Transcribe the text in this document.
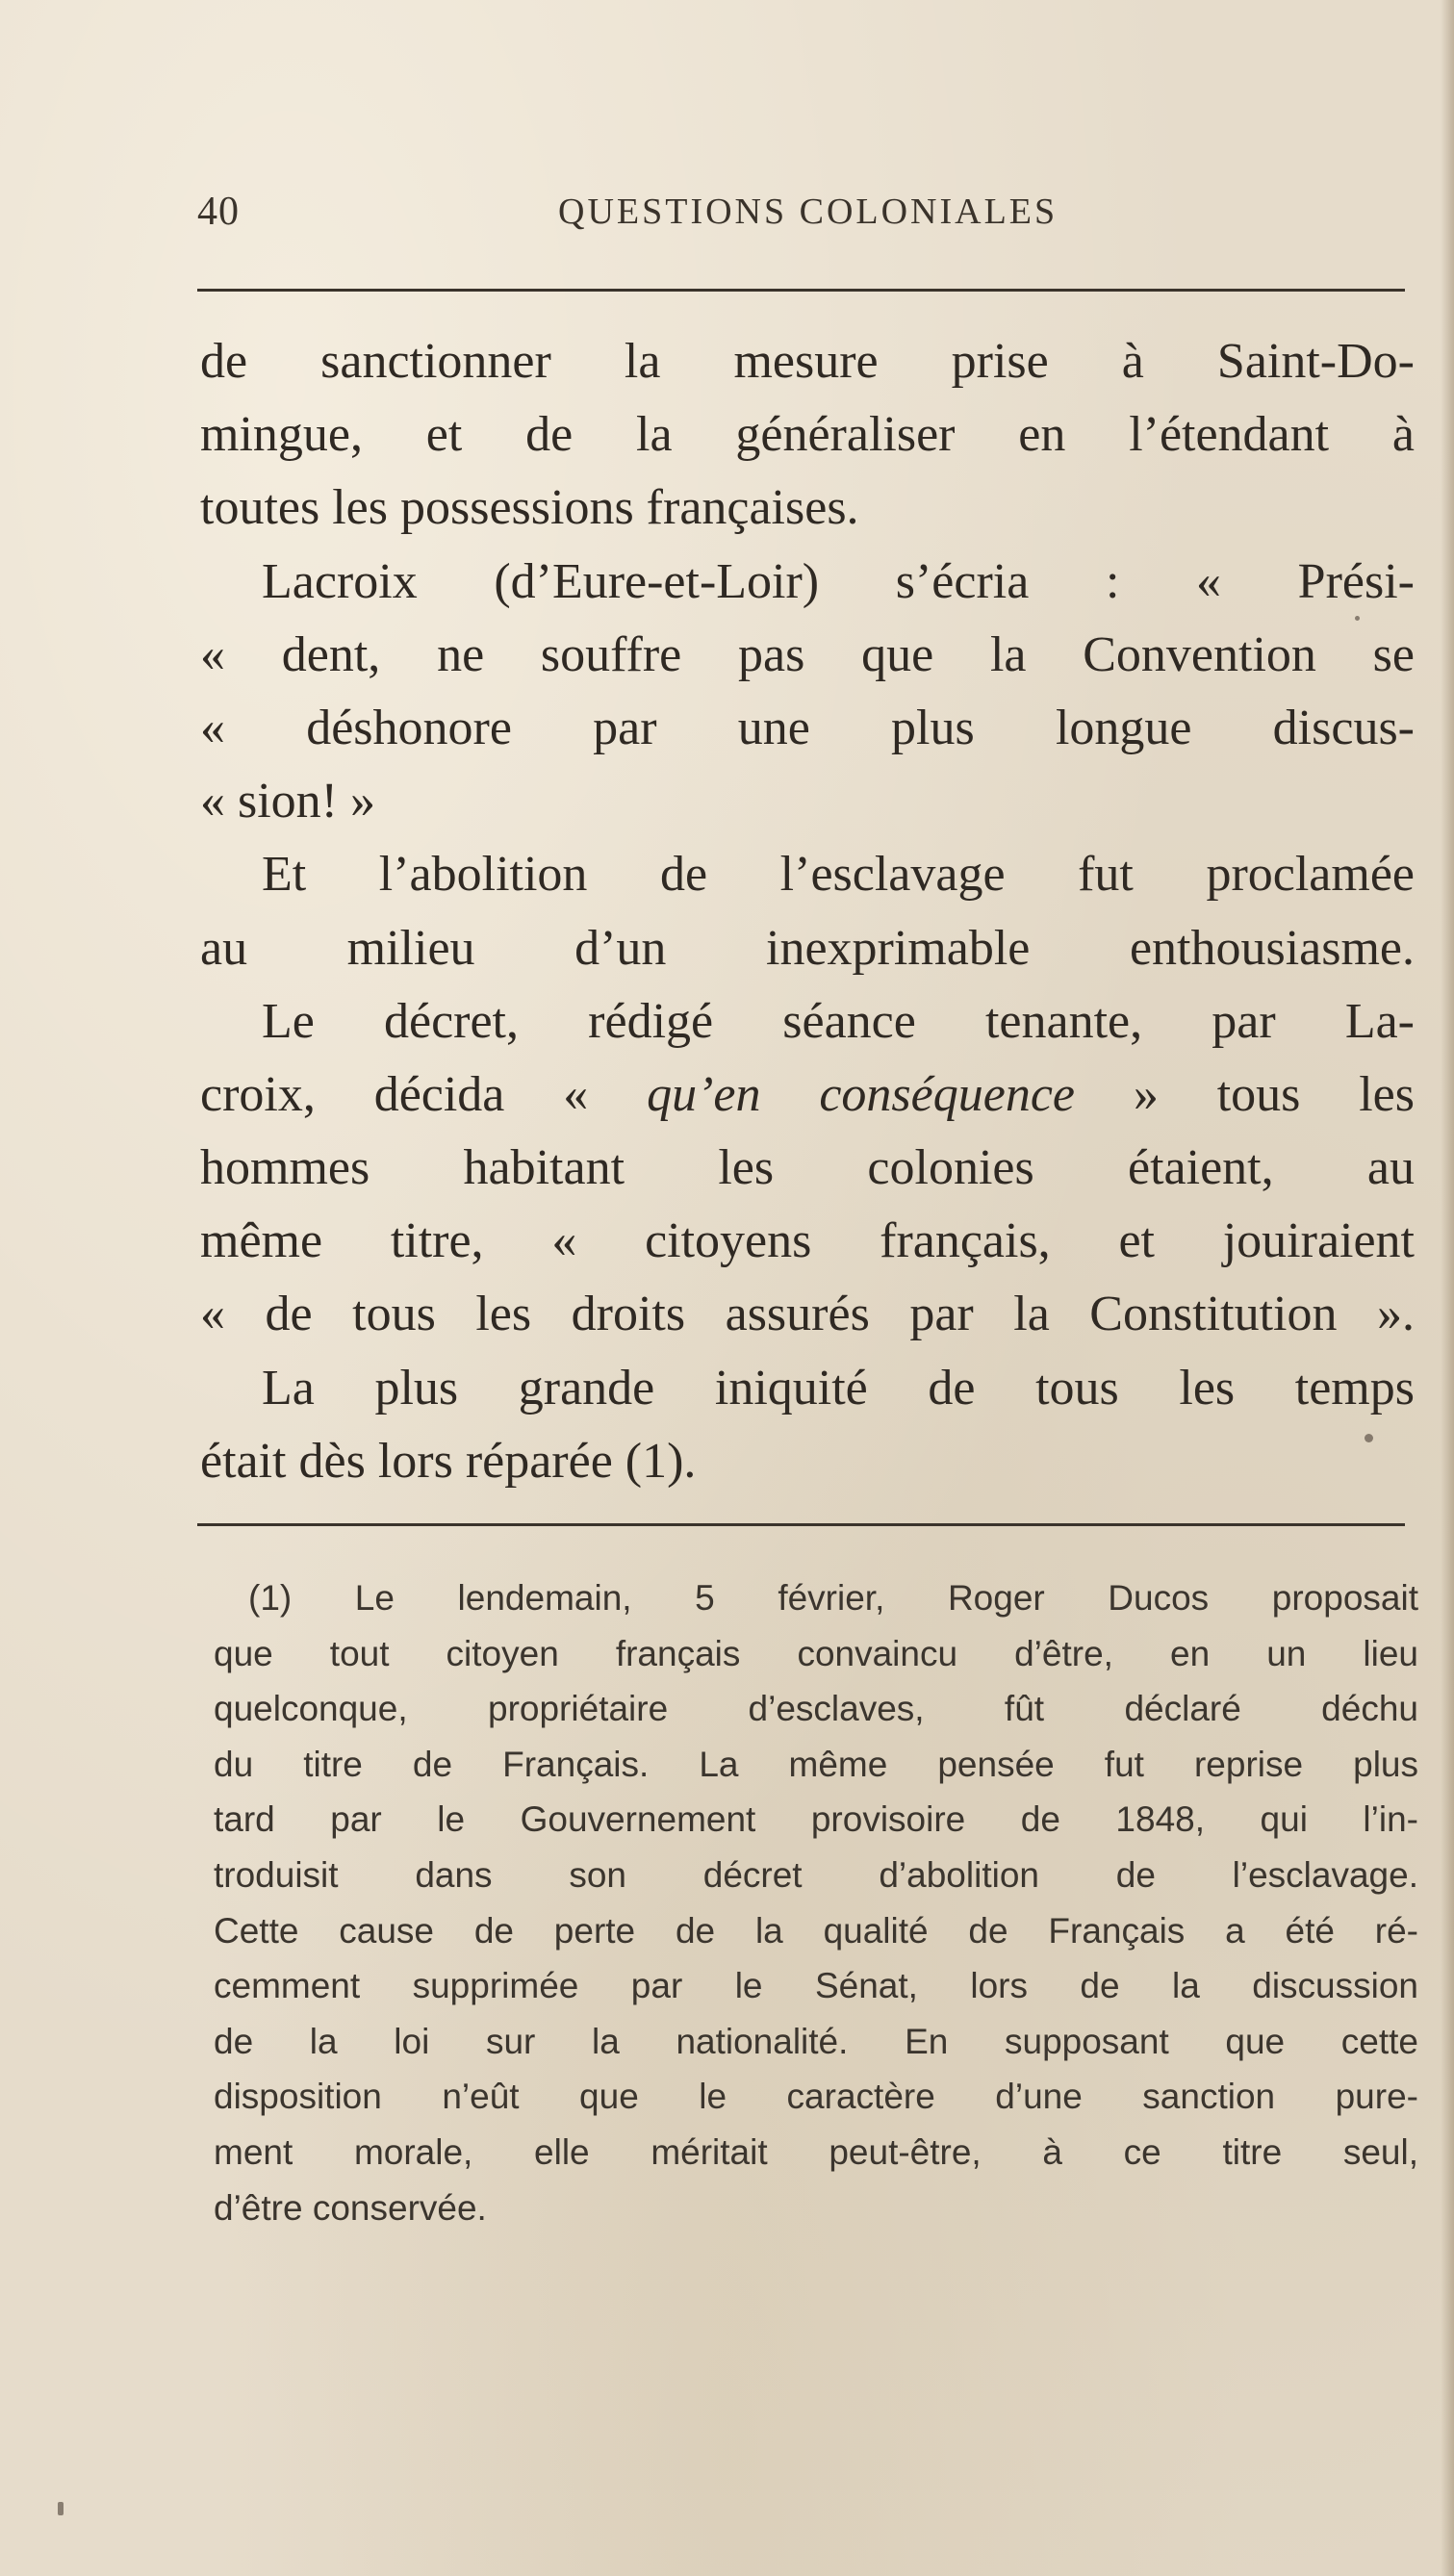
40	QUESTIONS COLONIALES
de sanctionner la mesure prise à Saint-Do-
mingue, et de la généraliser en l’étendant à
toutes les possessions françaises.
Lacroix (d’Eure-et-Loir) s’écria : « Prési-
« dent, ne souffre pas que la Convention se
« déshonore par une plus longue discus-
« sion! »
Et l’abolition de l’esclavage fut proclamée
au milieu d’un inexprimable enthousiasme.
Le décret, rédigé séance tenante, par La-
croix, décida « qu’en conséquence » tous les
hommes habitant les colonies étaient, au
même titre, « citoyens français, et jouiraient
« de tous les droits assurés par la Constitution ».
La plus grande iniquité de tous les temps
était dès lors réparée (1).
(1) Le lendemain, 5 février, Roger Ducos proposait
que tout citoyen français convaincu d’être, en un lieu
quelconque, propriétaire d’esclaves, fût déclaré déchu
du titre de Français. La même pensée fut reprise plus
tard par le Gouvernement provisoire de 1848, qui l’in-
troduisit dans son décret d’abolition de l’esclavage.
Cette cause de perte de la qualité de Français a été ré-
cemment supprimée par le Sénat, lors de la discussion
de la loi sur la nationalité. En supposant que cette
disposition n’eût que le caractère d’une sanction pure-
ment morale, elle méritait peut-être, à ce titre seul,
d’être conservée.
